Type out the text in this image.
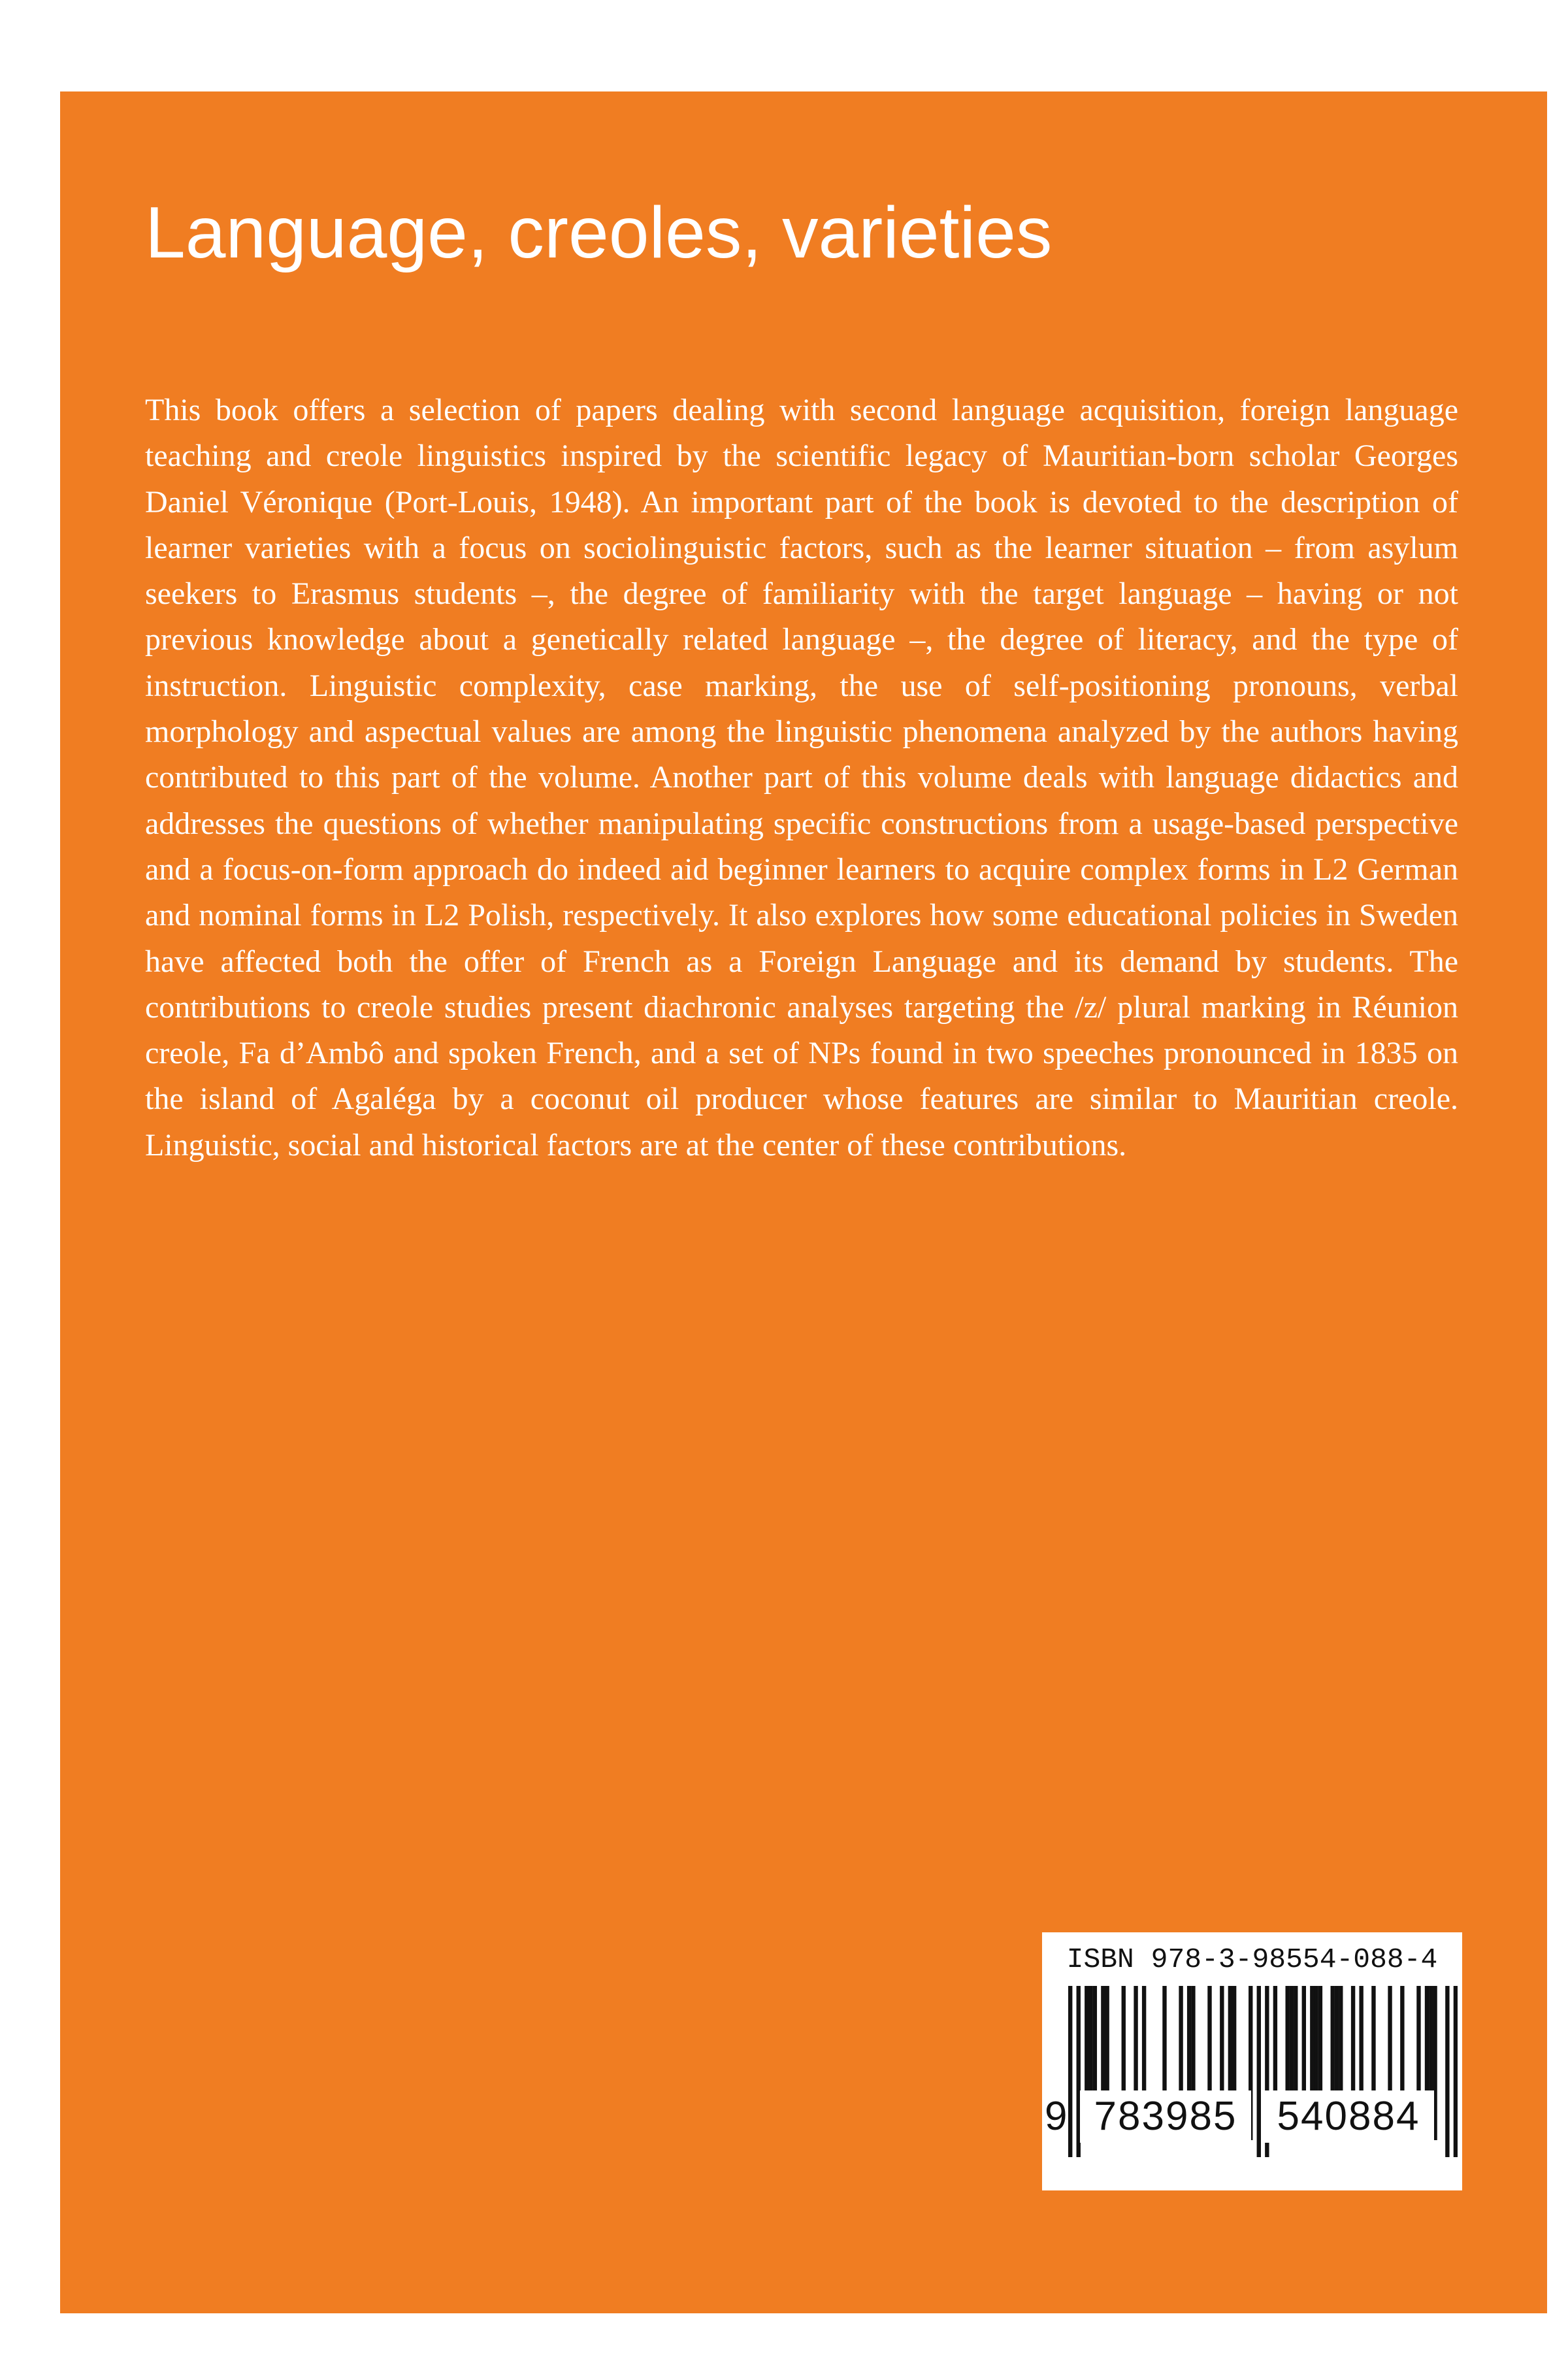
Language, creoles, varieties

This book offers a selection of papers dealing with second language acquisition, foreign language teaching and creole linguistics inspired by the scientific legacy of Mauritian-born scholar Georges Daniel Véronique (Port-Louis, 1948). An important part of the book is devoted to the description of learner varieties with a focus on sociolinguistic factors, such as the learner situation – from asylum seekers to Erasmus students –, the degree of familiarity with the target language – having or not previous knowledge about a genetically related language –, the degree of literacy, and the type of instruction. Linguistic complexity, case marking, the use of self-positioning pronouns, verbal morphology and aspectual values are among the linguistic phenomena analyzed by the authors having contributed to this part of the volume. Another part of this volume deals with language didactics and addresses the questions of whether manipulating specific constructions from a usage-based perspective and a focus-on-form approach do indeed aid beginner learners to acquire complex forms in L2 German and nominal forms in L2 Polish, respectively. It also explores how some educational policies in Sweden have affected both the offer of French as a Foreign Language and its demand by students. The contributions to creole studies present diachronic analyses targeting the /z/ plural marking in Réunion creole, Fa d’Ambô and spoken French, and a set of NPs found in two speeches pronounced in 1835 on the island of Agaléga by a coconut oil producer whose features are similar to Mauritian creole. Linguistic, social and historical factors are at the center of these contributions.

ISBN 978-3-98554-088-4
9 783985 540884
